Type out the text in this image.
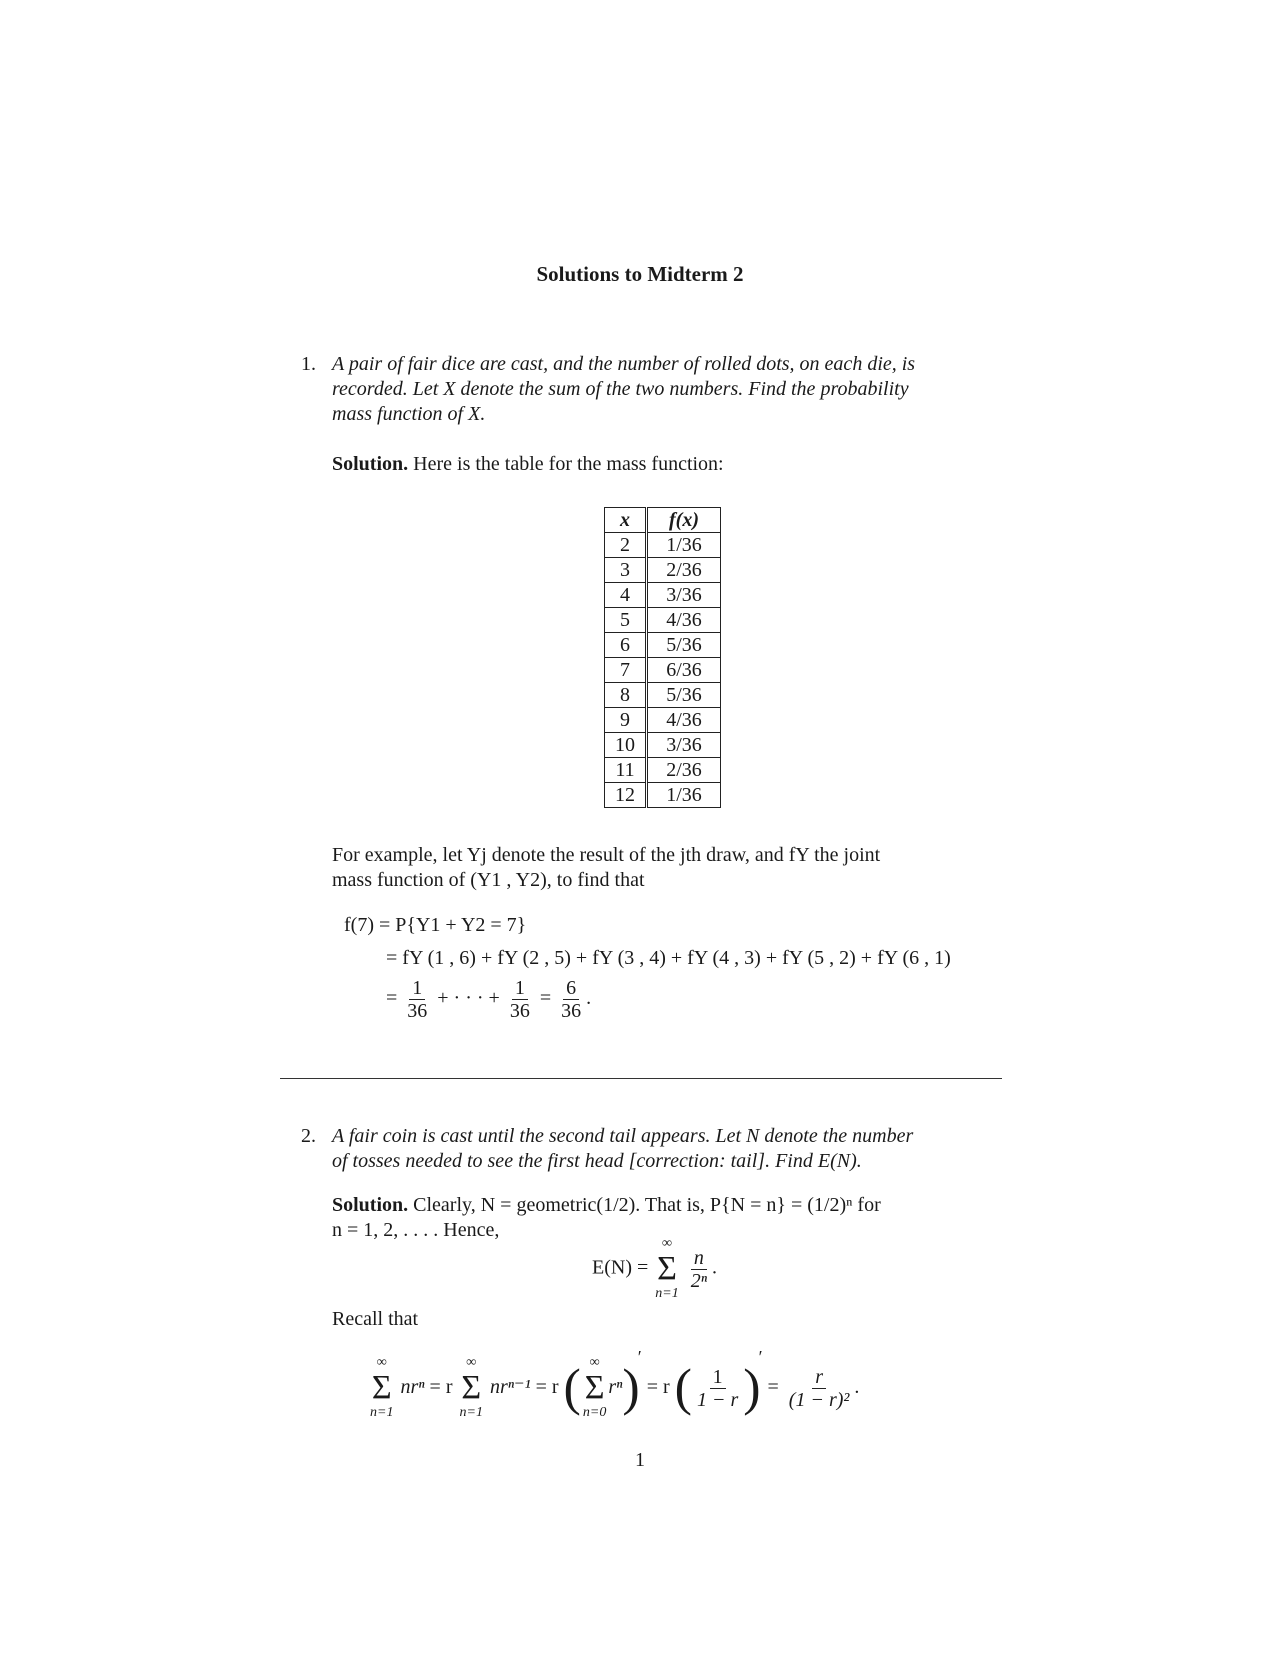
Solutions to Midterm 2
1. A pair of fair dice are cast, and the number of rolled dots, on each die, is
recorded. Let X denote the sum of the two numbers. Find the probability
mass function of X.
Solution. Here is the table for the mass function:
x	f(x)
2	1/36
3	2/36
4	3/36
5	4/36
6	5/36
7	6/36
8	5/36
9	4/36
10	3/36
11	2/36
12	1/36
For example, let Yj denote the result of the jth draw, and fY the joint
mass function of (Y1 , Y2), to find that
f(7) = P{Y1 + Y2 = 7}
= fY (1 , 6) + fY (2 , 5) + fY (3 , 4) + fY (4 , 3) + fY (5 , 2) + fY (6 , 1)
= $\frac{1}{36}$ + · · · + $\frac{1}{36} = \frac{6}{36}$ .
2. A fair coin is cast until the second tail appears. Let N denote the number
of tosses needed to see the first head [correction: tail]. Find E(N).
Solution. Clearly, N = geometric(1/2). That is, P{N = n} = (1/2)ⁿ for
n = 1, 2, . . . . Hence,
E(N) =
∞
Σ
n=1

$\frac{n}{\text{2ⁿ}}$ .
Recall that
∞
Σ
n=1
nrⁿ = r
∞
Σ
n=1
nrⁿ⁻¹ = r ( ∞
Σ
n=0
rⁿ)′ = r ( $\frac{1}{1 - r}$ )′ = $\frac{r}{\text{(1 − r)²}}$ .
1
